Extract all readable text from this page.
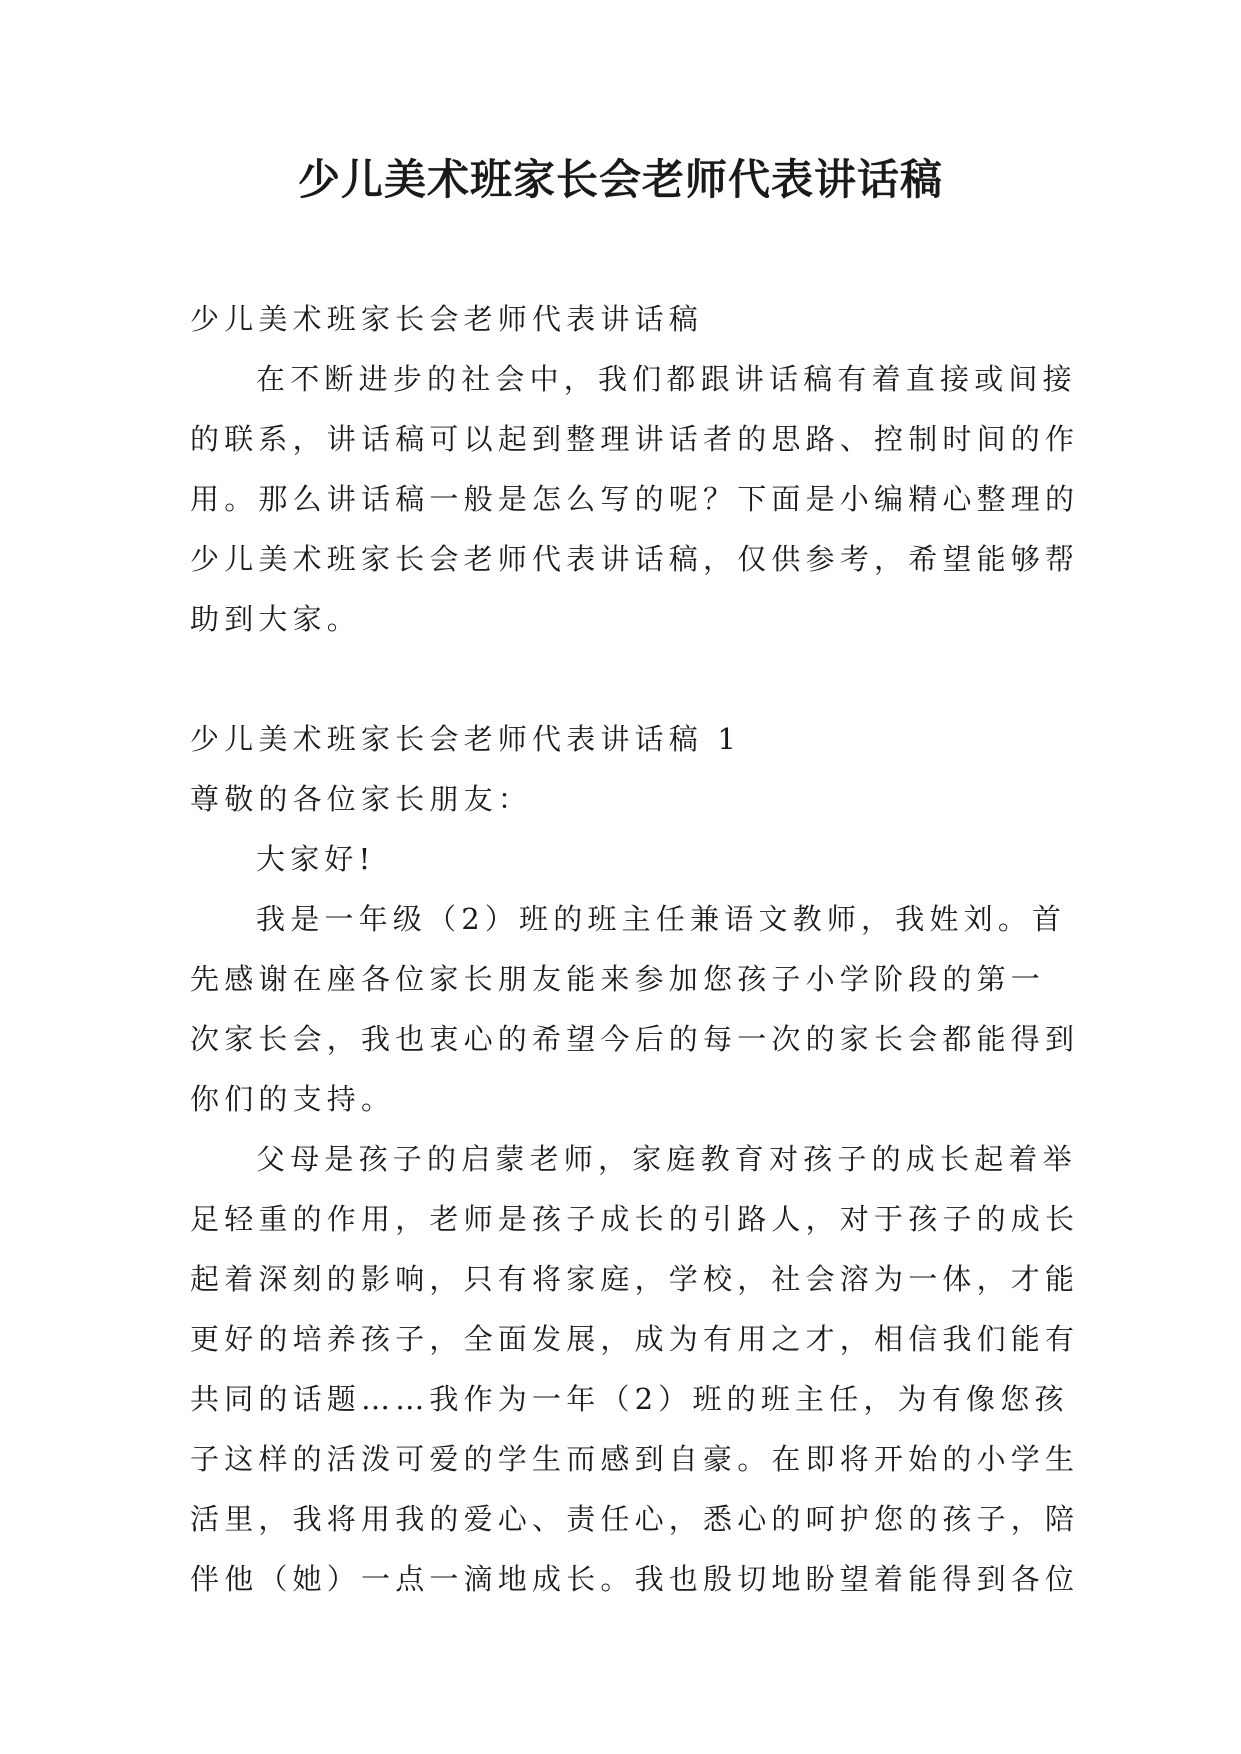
少儿美术班家长会老师代表讲话稿
少儿美术班家长会老师代表讲话稿
在不断进步的社会中，我们都跟讲话稿有着直接或间接
的联系，讲话稿可以起到整理讲话者的思路、控制时间的作
用。那么讲话稿一般是怎么写的呢？下面是小编精心整理的
少儿美术班家长会老师代表讲话稿，仅供参考，希望能够帮
助到大家。
少儿美术班家长会老师代表讲话稿 1
尊敬的各位家长朋友：
大家好!
我是一年级（2）班的班主任兼语文教师，我姓刘。首
先感谢在座各位家长朋友能来参加您孩子小学阶段的第一
次家长会，我也衷心的希望今后的每一次的家长会都能得到
你们的支持。
父母是孩子的启蒙老师，家庭教育对孩子的成长起着举
足轻重的作用，老师是孩子成长的引路人，对于孩子的成长
起着深刻的影响，只有将家庭，学校，社会溶为一体，才能
更好的培养孩子，全面发展，成为有用之才，相信我们能有
共同的话题……我作为一年（2）班的班主任，为有像您孩
子这样的活泼可爱的学生而感到自豪。在即将开始的小学生
活里，我将用我的爱心、责任心，悉心的呵护您的孩子，陪
伴他（她）一点一滴地成长。我也殷切地盼望着能得到各位
